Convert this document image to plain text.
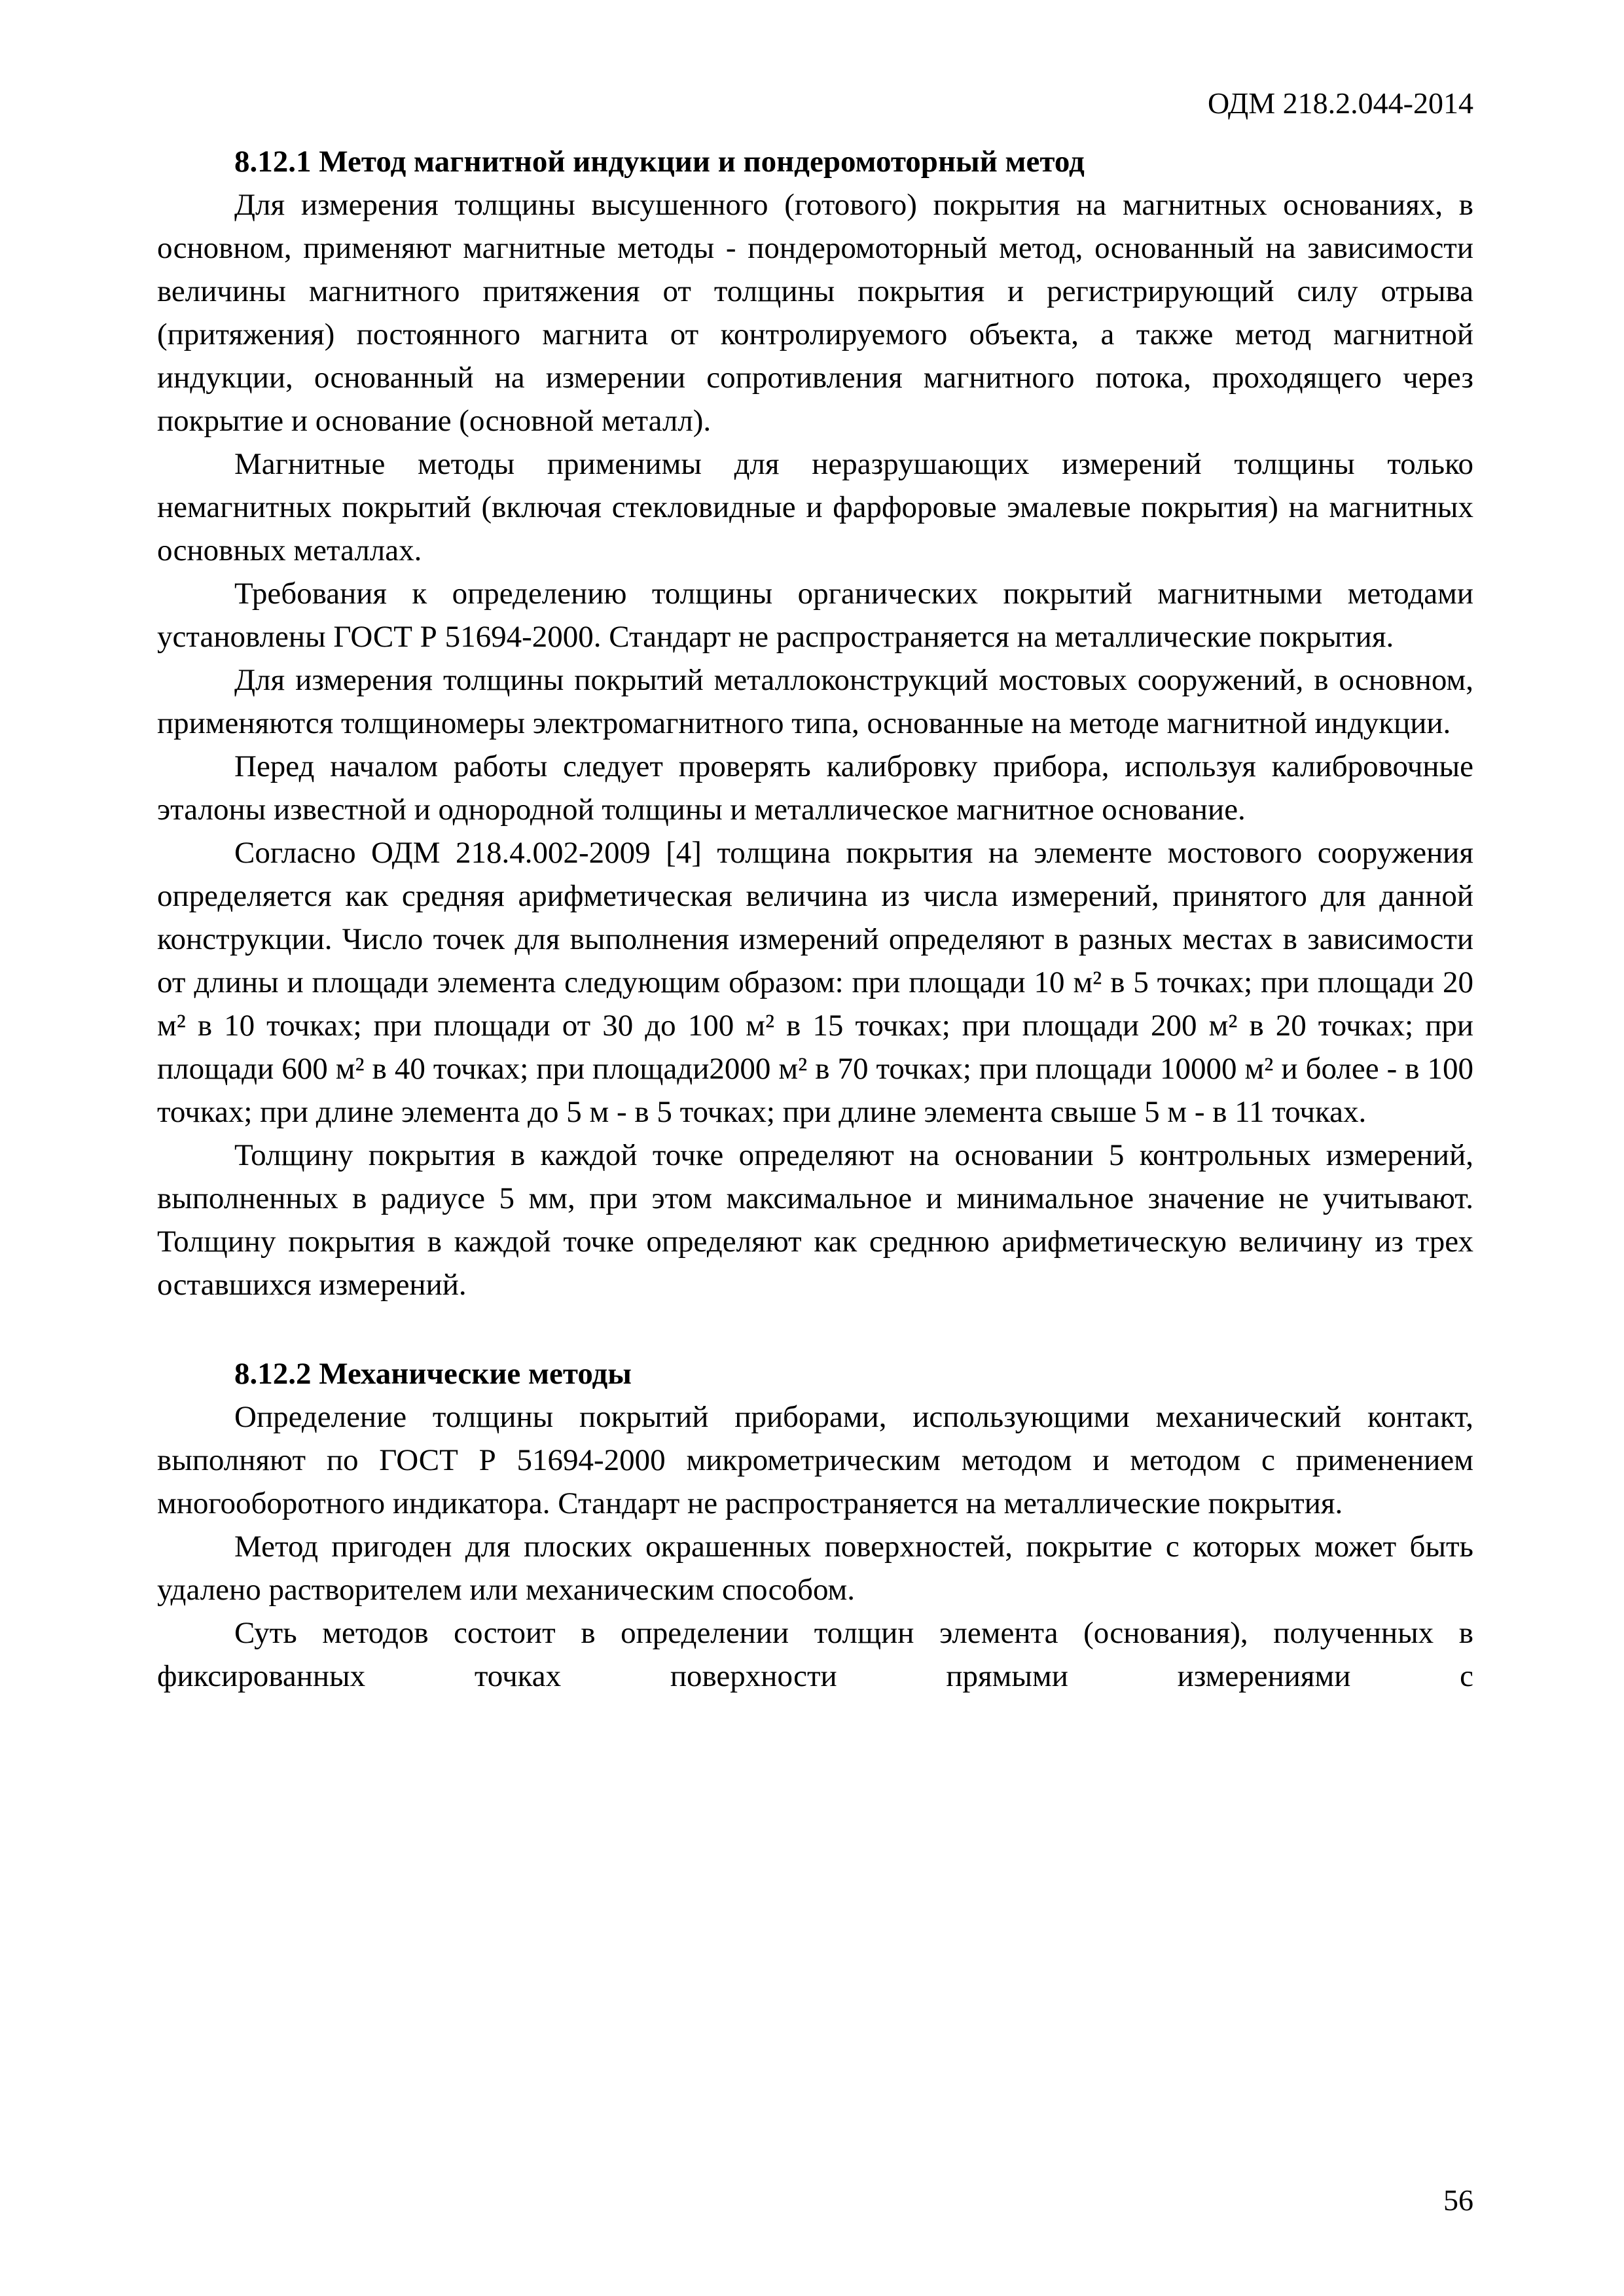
ОДМ 218.2.044-2014
8.12.1 Метод магнитной индукции и пондеромоторный метод

Для измерения толщины высушенного (готового) покрытия на магнитных основаниях, в основном, применяют магнитные методы - пондеромоторный метод, основанный на зависимости величины магнитного притяжения от толщины покрытия и регистрирующий силу отрыва (притяжения) постоянного магнита от контролируемого объекта, а также метод магнитной индукции, основанный на измерении сопротивления магнитного потока, проходящего через покрытие и основание (основной металл).

Магнитные методы применимы для неразрушающих измерений толщины только немагнитных покрытий (включая стекловидные и фарфоровые эмалевые покрытия) на магнитных основных металлах.

Требования к определению толщины органических покрытий магнитными методами установлены ГОСТ Р 51694-2000. Стандарт не распространяется на металлические покрытия.

Для измерения толщины покрытий металлоконструкций мостовых сооружений, в основном, применяются толщиномеры электромагнитного типа, основанные на методе магнитной индукции.

Перед началом работы следует проверять калибровку прибора, используя калибровочные эталоны известной и однородной толщины и металлическое магнитное основание.

Согласно ОДМ 218.4.002-2009 [4] толщина покрытия на элементе мостового сооружения определяется как средняя арифметическая величина из числа измерений, принятого для данной конструкции. Число точек для выполнения измерений определяют в разных местах в зависимости от длины и площади элемента следующим образом: при площади 10 м² в 5 точках; при площади 20 м² в 10 точках; при площади от 30 до 100 м² в 15 точках; при площади 200 м² в 20 точках; при площади 600 м² в 40 точках; при площади2000 м² в 70 точках; при площади 10000 м² и более - в 100 точках; при длине элемента до 5 м - в 5 точках; при длине элемента свыше 5 м - в 11 точках.

Толщину покрытия в каждой точке определяют на основании 5 контрольных измерений, выполненных в радиусе 5 мм, при этом максимальное и минимальное значение не учитывают. Толщину покрытия в каждой точке определяют как среднюю арифметическую величину из трех оставшихся измерений.

8.12.2 Механические методы

Определение толщины покрытий приборами, использующими механический контакт, выполняют по ГОСТ Р 51694-2000 микрометрическим методом и методом с применением многооборотного индикатора. Стандарт не распространяется на металлические покрытия.

Метод пригоден для плоских окрашенных поверхностей, покрытие с которых может быть удалено растворителем или механическим способом.

Суть методов состоит в определении толщин элемента (основания), полученных в фиксированных точках поверхности прямыми измерениями с

56
